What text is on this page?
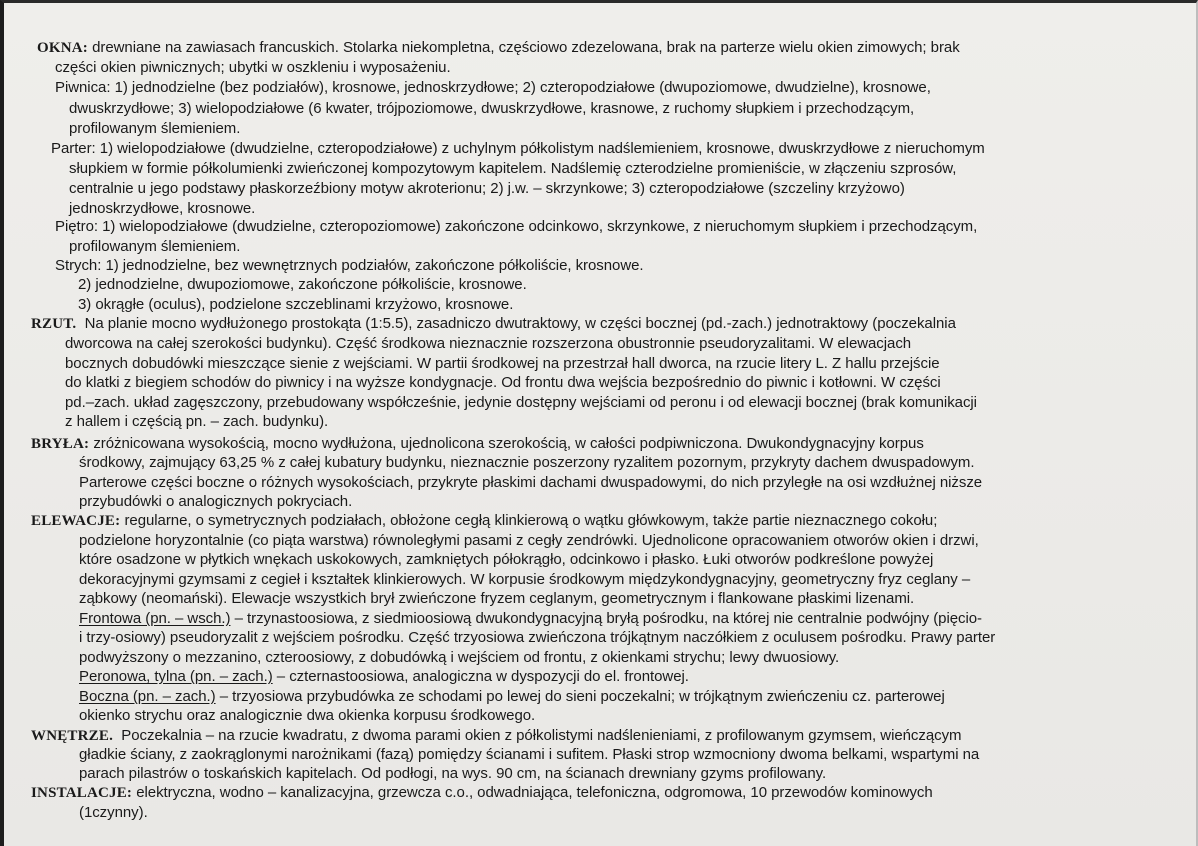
OKNA: drewniane na zawiasach francuskich. Stolarka niekompletna, częściowo zdezelowana, brak na parterze wielu okien zimowych; brak
części okien piwnicznych; ubytki w oszkleniu i wyposażeniu.
Piwnica: 1) jednodzielne (bez podziałów), krosnowe, jednoskrzydłowe; 2) czteropodziałowe (dwupoziomowe, dwudzielne), krosnowe,
dwuskrzydłowe; 3) wielopodziałowe (6 kwater, trójpoziomowe, dwuskrzydłowe, krasnowe, z ruchomy słupkiem i przechodzącym,
profilowanym ślemieniem.
Parter: 1) wielopodziałowe (dwudzielne, czteropodziałowe) z uchylnym półkolistym nadślemieniem, krosnowe, dwuskrzydłowe z nieruchomym
słupkiem w formie półkolumienki zwieńczonej kompozytowym kapitelem. Nadślemię czterodzielne promieniście, w złączeniu szprosów,
centralnie u jego podstawy płaskorzeźbiony motyw akroterionu; 2) j.w. – skrzynkowe; 3) czteropodziałowe (szczeliny krzyżowo)
jednoskrzydłowe, krosnowe.
Piętro: 1) wielopodziałowe (dwudzielne, czteropoziomowe) zakończone odcinkowo, skrzynkowe, z nieruchomym słupkiem i przechodzącym,
profilowanym ślemieniem.
Strych: 1) jednodzielne, bez wewnętrznych podziałów, zakończone półkoliście, krosnowe.
2) jednodzielne, dwupoziomowe, zakończone półkoliście, krosnowe.
3) okrągłe (oculus), podzielone szczeblinami krzyżowo, krosnowe.
RZUT. Na planie mocno wydłużonego prostokąta (1:5.5), zasadniczo dwutraktowy, w części bocznej (pd.-zach.) jednotraktowy (poczekalnia
dworcowa na całej szerokości budynku). Część środkowa nieznacznie rozszerzona obustronnie pseudoryzalitami. W elewacjach
bocznych dobudówki mieszczące sienie z wejściami. W partii środkowej na przestrzał hall dworca, na rzucie litery L. Z hallu przejście
do klatki z biegiem schodów do piwnicy i na wyższe kondygnacje. Od frontu dwa wejścia bezpośrednio do piwnic i kotłowni. W części
pd.–zach. układ zagęszczony, przebudowany współcześnie, jedynie dostępny wejściami od peronu i od elewacji bocznej (brak komunikacji
z hallem i częścią pn. – zach. budynku).
BRYŁA: zróżnicowana wysokością, mocno wydłużona, ujednolicona szerokością, w całości podpiwniczona. Dwukondygnacyjny korpus
środkowy, zajmujący 63,25 % z całej kubatury budynku, nieznacznie poszerzony ryzalitem pozornym, przykryty dachem dwuspadowym.
Parterowe części boczne o różnych wysokościach, przykryte płaskimi dachami dwuspadowymi, do nich przyległe na osi wzdłużnej niższe
przybudówki o analogicznych pokryciach.
ELEWACJE: regularne, o symetrycznych podziałach, obłożone cegłą klinkierową o wątku główkowym, także partie nieznacznego cokołu;
podzielone horyzontalnie (co piąta warstwa) równoległymi pasami z cegły zendrówki. Ujednolicone opracowaniem otworów okien i drzwi,
które osadzone w płytkich wnękach uskokowych, zamkniętych półokrągło, odcinkowo i płasko. Łuki otworów podkreślone powyżej
dekoracyjnymi gzymsami z cegieł i kształtek klinkierowych. W korpusie środkowym międzykondygnacyjny, geometryczny fryz ceglany –
ząbkowy (neomański). Elewacje wszystkich brył zwieńczone fryzem ceglanym, geometrycznym i flankowane płaskimi lizenami.
Frontowa (pn. – wsch.) – trzynastoosiowa, z siedmioosiową dwukondygnacyjną bryłą pośrodku, na której nie centralnie podwójny (pięcio-
i trzy-osiowy) pseudoryzalit z wejściem pośrodku. Część trzyosiowa zwieńczona trójkątnym naczółkiem z oculusem pośrodku. Prawy parter
podwyższony o mezzanino, czteroosiowy, z dobudówką i wejściem od frontu, z okienkami strychu; lewy dwuosiowy.
Peronowa, tylna (pn. – zach.) – czternastoosiowa, analogiczna w dyspozycji do el. frontowej.
Boczna (pn. – zach.) – trzyosiowa przybudówka ze schodami po lewej do sieni poczekalni; w trójkątnym zwieńczeniu cz. parterowej
okienko strychu oraz analogicznie dwa okienka korpusu środkowego.
WNĘTRZE. Poczekalnia – na rzucie kwadratu, z dwoma parami okien z półkolistymi nadślenieniami, z profilowanym gzymsem, wieńczącym
gładkie ściany, z zaokrąglonymi narożnikami (fazą) pomiędzy ścianami i sufitem. Płaski strop wzmocniony dwoma belkami, wspartymi na
parach pilastrów o toskańskich kapitelach. Od podłogi, na wys. 90 cm, na ścianach drewniany gzyms profilowany.
INSTALACJE: elektryczna, wodno – kanalizacyjna, grzewcza c.o., odwadniająca, telefoniczna, odgromowa, 10 przewodów kominowych
(1czynny).
